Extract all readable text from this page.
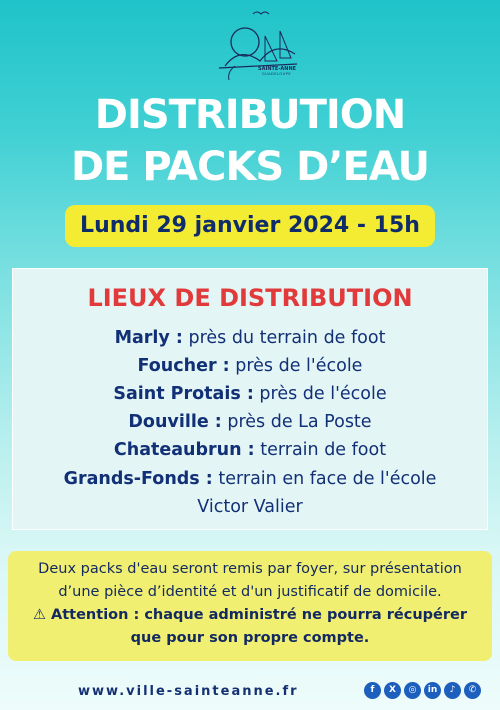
SAINTE-ANNE
GUADELOUPE
DISTRIBUTION
DE PACKS D’EAU
Lundi 29 janvier 2024 - 15h
LIEUX DE DISTRIBUTION
Marly : près du terrain de foot
Foucher : près de l'école
Saint Protais : près de l'école
Douville : près de La Poste
Chateaubrun : terrain de foot
Grands-Fonds : terrain en face de l'école
Victor Valier
Deux packs d'eau seront remis par foyer, sur présentation
d’une pièce d’identité et d'un justificatif de domicile.
⚠ Attention : chaque administré ne pourra récupérer
que pour son propre compte.
www.ville-sainteanne.fr	f	X	◎	in	♪	✆
